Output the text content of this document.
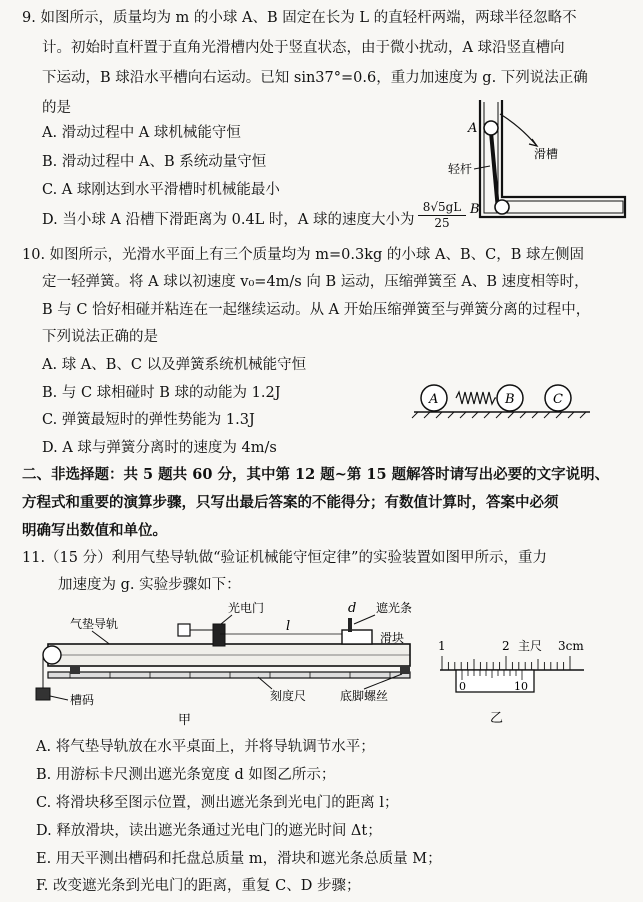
9. 如图所示，质量均为 m 的小球 A、B 固定在长为 L 的直轻杆两端，两球半径忽略不
计。初始时直杆置于直角光滑槽内处于竖直状态，由于微小扰动，A 球沿竖直槽向
下运动，B 球沿水平槽向右运动。已知 sin37°=0.6，重力加速度为 g. 下列说法正确
的是
A. 滑动过程中 A 球机械能守恒
B. 滑动过程中 A、B 系统动量守恒
C. A 球刚达到水平滑槽时机械能最小
D. 当小球 A 沿槽下滑距离为 0.4L 时，A 球的速度大小为 $\frac{8√5gL}{25}$
A
B
轻杆
滑槽
10. 如图所示，光滑水平面上有三个质量均为 m=0.3kg 的小球 A、B、C，B 球左侧固
定一轻弹簧。将 A 球以初速度 v₀=4m/s 向 B 运动，压缩弹簧至 A、B 速度相等时，
B 与 C 恰好相碰并粘连在一起继续运动。从 A 开始压缩弹簧至与弹簧分离的过程中，
下列说法正确的是
A. 球 A、B、C 以及弹簧系统机械能守恒
B. 与 C 球相碰时 B 球的动能为 1.2J
C. 弹簧最短时的弹性势能为 1.3J
D. A 球与弹簧分离时的速度为 4m/s
A	B	C
二、非选择题：共 5 题共 60 分，其中第 12 题~第 15 题解答时请写出必要的文字说明、
方程式和重要的演算步骤，只写出最后答案的不能得分；有数值计算时，答案中必须
明确写出数值和单位。
11.（15 分）利用气垫导轨做“验证机械能守恒定律”的实验装置如图甲所示，重力
加速度为 g. 实验步骤如下：
气垫导轨
槽码
光电门
l
d 遮光条
滑块
刻度尺	底脚螺丝
甲
1	2 主尺 3cm
0	10
乙
A. 将气垫导轨放在水平桌面上，并将导轨调节水平；
B. 用游标卡尺测出遮光条宽度 d 如图乙所示；
C. 将滑块移至图示位置，测出遮光条到光电门的距离 l；
D. 释放滑块，读出遮光条通过光电门的遮光时间 Δt；
E. 用天平测出槽码和托盘总质量 m，滑块和遮光条总质量 M；
F. 改变遮光条到光电门的距离，重复 C、D 步骤；
